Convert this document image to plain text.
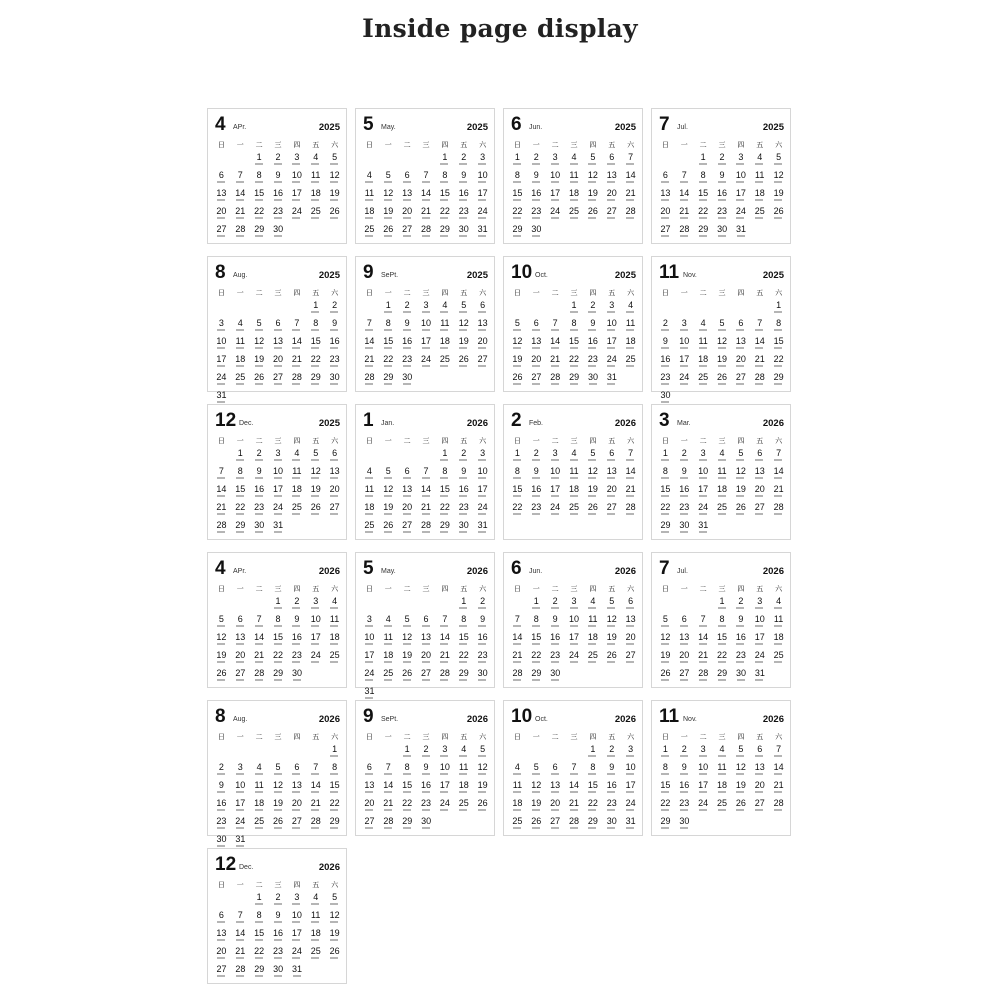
Inside page display
4 APr.	2025
日	一	二	三	四	五	六
1	2	3	4	5
6	7	8	9	10	11	12
13 14 15 16 17 18 19
20 21 22 23 24 25 26
27 28 29 30
5 May.	2025
日	一	二	三	四	五	六
1	2	3
4	5	6	7	8	9	10
11	12 13 14 15 16 17
18 19 20 21 22 23 24
25 26 27 28 29 30 31
6 Jun.	2025
日	一	二	三	四	五	六
1	2	3	4	5	6	7
8	9	10	11	12 13 14
15 16 17 18 19 20 21
22 23 24 25 26 27 28
29 30
7 Jul.	2025
日	一	二	三	四	五	六
1	2	3	4	5
6	7	8	9	10	11	12
13 14 15 16 17 18 19
20 21 22 23 24 25 26
27 28 29 30 31
8 Aug.	2025
日	一	二	三	四	五	六
1	2
3	4	5	6	7	8	9
10	11	12 13 14 15 16
17 18 19 20 21 22 23
24 25 26 27 28 29 30
31
9 SePt.	2025
日	一	二	三	四	五	六
1	2	3	4	5	6
7	8	9	10	11	12 13
14 15 16 17 18 19 20
21 22 23 24 25 26 27
28 29 30
10 Oct.	2025
日	一	二	三	四	五	六
1	2	3	4
5	6	7	8	9	10	11
12 13 14 15 16 17 18
19 20 21 22 23 24 25
26 27 28 29 30 31
11 Nov.	2025
日	一	二	三	四	五	六
1
2	3	4	5	6	7	8
9	10	11	12 13 14 15
16 17 18 19 20 21 22
23 24 25 26 27 28 29
30
12 Dec.	2025
日	一	二	三	四	五	六
1	2	3	4	5	6
7	8	9	10	11	12 13
14 15 16 17 18 19 20
21 22 23 24 25 26 27
28 29 30 31
1 Jan.	2026
日	一	二	三	四	五	六
1	2	3
4	5	6	7	8	9	10
11	12 13 14 15 16 17
18 19 20 21 22 23 24
25 26 27 28 29 30 31
2 Feb.	2026
日	一	二	三	四	五	六
1	2	3	4	5	6	7
8	9	10	11	12 13 14
15 16 17 18 19 20 21
22 23 24 25 26 27 28
3 Mar.	2026
日	一	二	三	四	五	六
1	2	3	4	5	6	7
8	9	10	11	12 13 14
15 16 17 18 19 20 21
22 23 24 25 26 27 28
29 30 31
4 APr.	2026
日	一	二	三	四	五	六
1	2	3	4
5	6	7	8	9	10	11
12 13 14 15 16 17 18
19 20 21 22 23 24 25
26 27 28 29 30
5 May.	2026
日	一	二	三	四	五	六
1	2
3	4	5	6	7	8	9
10	11	12 13 14 15 16
17 18 19 20 21 22 23
24 25 26 27 28 29 30
31
6 Jun.	2026
日	一	二	三	四	五	六
1	2	3	4	5	6
7	8	9	10	11	12 13
14 15 16 17 18 19 20
21 22 23 24 25 26 27
28 29 30
7 Jul.	2026
日	一	二	三	四	五	六
1	2	3	4
5	6	7	8	9	10	11
12 13 14 15 16 17 18
19 20 21 22 23 24 25
26 27 28 29 30 31
8 Aug.	2026
日	一	二	三	四	五	六
1
2	3	4	5	6	7	8
9	10	11	12 13 14 15
16 17 18 19 20 21 22
23 24 25 26 27 28 29
30 31
9 SePt.	2026
日	一	二	三	四	五	六
1	2	3	4	5
6	7	8	9	10	11	12
13 14 15 16 17 18 19
20 21 22 23 24 25 26
27 28 29 30
10 Oct.	2026
日	一	二	三	四	五	六
1	2	3
4	5	6	7	8	9	10
11	12 13 14 15 16 17
18 19 20 21 22 23 24
25 26 27 28 29 30 31
11 Nov.	2026
日	一	二	三	四	五	六
1	2	3	4	5	6	7
8	9	10	11	12 13 14
15 16 17 18 19 20 21
22 23 24 25 26 27 28
29 30
12 Dec.	2026
日	一	二	三	四	五	六
1	2	3	4	5
6	7	8	9	10	11	12
13 14 15 16 17 18 19
20 21 22 23 24 25 26
27 28 29 30 31
